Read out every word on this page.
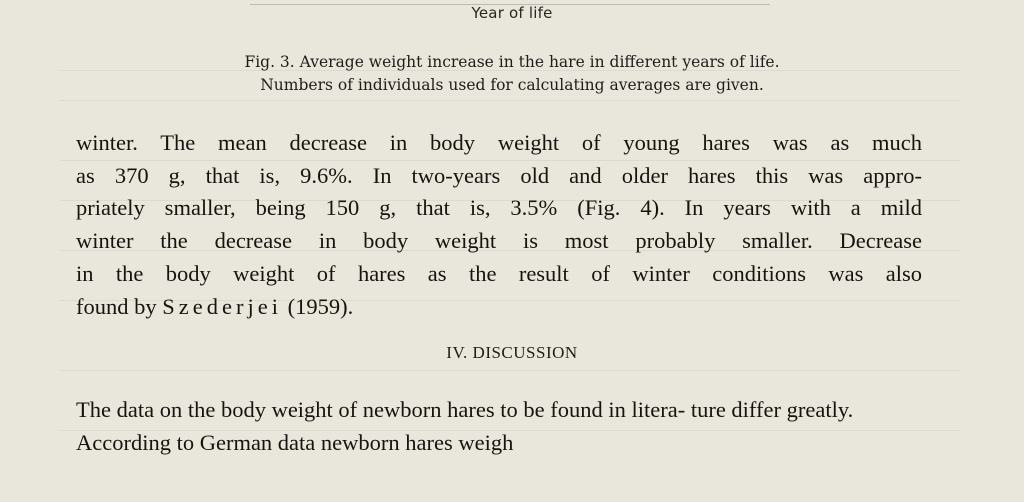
Year of life
Fig. 3. Average weight increase in the hare in different years of life.
Numbers of individuals used for calculating averages are given.
winter. The mean decrease in body weight of young hares was as much
as 370 g, that is, 9.6%. In two-years old and older hares this was appro-
priately smaller, being 150 g, that is, 3.5% (Fig. 4). In years with a mild
winter the decrease in body weight is most probably smaller. Decrease
in the body weight of hares as the result of winter conditions was also
found by Szederjei (1959).
IV. DISCUSSION
The data on the body weight of newborn hares to be found in litera- ture differ greatly. According to German data newborn hares weigh
